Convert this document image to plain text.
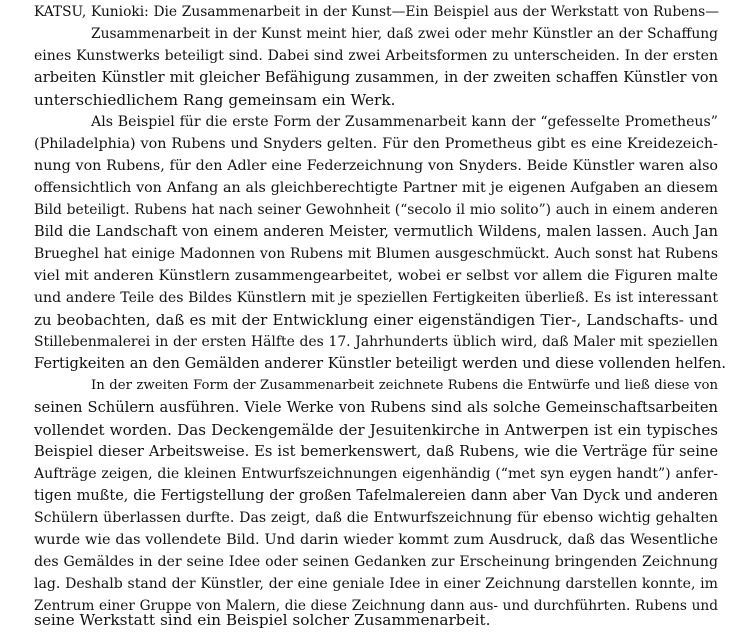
KATSU, Kunioki: Die Zusammenarbeit in der Kunst—Ein Beispiel aus der Werkstatt von Rubens—
Zusammenarbeit in der Kunst meint hier, daß zwei oder mehr Künstler an der Schaffung
eines Kunstwerks beteiligt sind. Dabei sind zwei Arbeitsformen zu unterscheiden. In der ersten
arbeiten Künstler mit gleicher Befähigung zusammen, in der zweiten schaffen Künstler von
unterschiedlichem Rang gemeinsam ein Werk.
Als Beispiel für die erste Form der Zusammenarbeit kann der “gefesselte Prometheus”
(Philadelphia) von Rubens und Snyders gelten. Für den Prometheus gibt es eine Kreidezeich-
nung von Rubens, für den Adler eine Federzeichnung von Snyders. Beide Künstler waren also
offensichtlich von Anfang an als gleichberechtigte Partner mit je eigenen Aufgaben an diesem
Bild beteiligt. Rubens hat nach seiner Gewohnheit (“secolo il mio solito”) auch in einem anderen
Bild die Landschaft von einem anderen Meister, vermutlich Wildens, malen lassen. Auch Jan
Brueghel hat einige Madonnen von Rubens mit Blumen ausgeschmückt. Auch sonst hat Rubens
viel mit anderen Künstlern zusammengearbeitet, wobei er selbst vor allem die Figuren malte
und andere Teile des Bildes Künstlern mit je speziellen Fertigkeiten überließ. Es ist interessant
zu beobachten, daß es mit der Entwicklung einer eigenständigen Tier-, Landschafts- und
Stillebenmalerei in der ersten Hälfte des 17. Jahrhunderts üblich wird, daß Maler mit speziellen
Fertigkeiten an den Gemälden anderer Künstler beteiligt werden und diese vollenden helfen.
In der zweiten Form der Zusammenarbeit zeichnete Rubens die Entwürfe und ließ diese von
seinen Schülern ausführen. Viele Werke von Rubens sind als solche Gemeinschaftsarbeiten
vollendet worden. Das Deckengemälde der Jesuitenkirche in Antwerpen ist ein typisches
Beispiel dieser Arbeitsweise. Es ist bemerkenswert, daß Rubens, wie die Verträge für seine
Aufträge zeigen, die kleinen Entwurfszeichnungen eigenhändig (“met syn eygen handt”) anfer-
tigen mußte, die Fertigstellung der großen Tafelmalereien dann aber Van Dyck und anderen
Schülern überlassen durfte. Das zeigt, daß die Entwurfszeichnung für ebenso wichtig gehalten
wurde wie das vollendete Bild. Und darin wieder kommt zum Ausdruck, daß das Wesentliche
des Gemäldes in der seine Idee oder seinen Gedanken zur Erscheinung bringenden Zeichnung
lag. Deshalb stand der Künstler, der eine geniale Idee in einer Zeichnung darstellen konnte, im
Zentrum einer Gruppe von Malern, die diese Zeichnung dann aus- und durchführten. Rubens und
seine Werkstatt sind ein Beispiel solcher Zusammenarbeit.
